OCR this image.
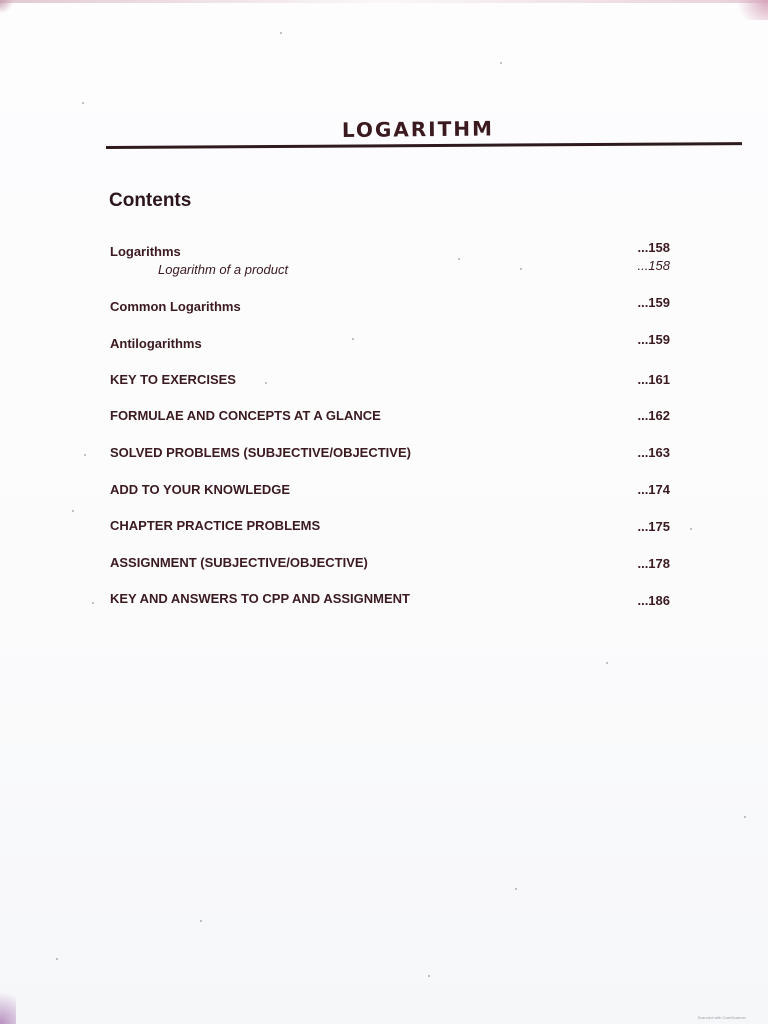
LOGARITHM
Contents
Logarithms	...158
Logarithm of a product	...158
Common Logarithms	...159
Antilogarithms	...159
KEY TO EXERCISES	...161
FORMULAE AND CONCEPTS AT A GLANCE	...162
SOLVED PROBLEMS (SUBJECTIVE/OBJECTIVE)	...163
ADD TO YOUR KNOWLEDGE	...174
CHAPTER PRACTICE PROBLEMS	...175
ASSIGNMENT (SUBJECTIVE/OBJECTIVE)	...178
KEY AND ANSWERS TO CPP AND ASSIGNMENT	...186
Scanned with CamScanner
